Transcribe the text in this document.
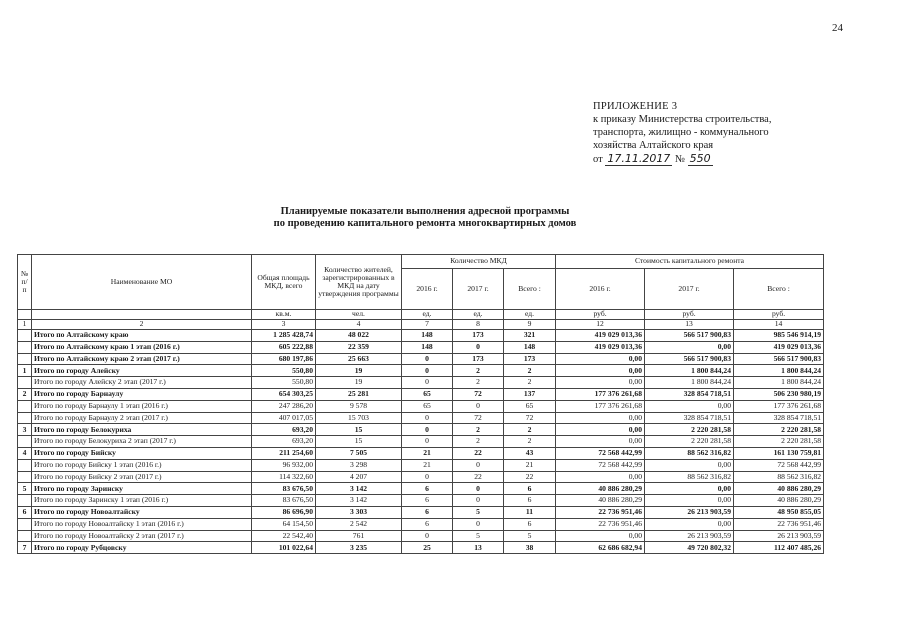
24
ПРИЛОЖЕНИЕ 3
к приказу Министерства строительства,
транспорта, жилищно - коммунального
хозяйства Алтайского края
от 17.11.2017 № 550
Планируемые показатели выполнения адресной программы
по проведению капитального ремонта многоквартирных домов
№ п/п	Наименование МО	Общая площадь МКД, всего	Количество жителей, зарегистрированных в МКД на дату утверждения программы	Количество МКД			Стоимость капитального ремонта		
				2016 г.	2017 г.	Всего :	2016 г.	2017 г.	Всего :
		кв.м.	чел.	ед.	ед.	ед.	руб.	руб.	руб.
1	2	3	4	7	8	9	12	13	14
	Итого по Алтайскому краю	1 285 428,74	48 022	148	173	321	419 029 013,36	566 517 900,83	985 546 914,19
	Итого по Алтайскому краю 1 этап (2016 г.)	605 222,88	22 359	148	0	148	419 029 013,36	0,00	419 029 013,36
	Итого по Алтайскому краю 2 этап (2017 г.)	680 197,86	25 663	0	173	173	0,00	566 517 900,83	566 517 900,83
1	Итого по городу Алейску	550,80	19	0	2	2	0,00	1 800 844,24	1 800 844,24
	Итого по городу Алейску 2 этап (2017 г.)	550,80	19	0	2	2	0,00	1 800 844,24	1 800 844,24
2	Итого по городу Барнаулу	654 303,25	25 281	65	72	137	177 376 261,68	328 854 718,51	506 230 980,19
	Итого по городу Барнаулу 1 этап (2016 г.)	247 286,20	9 578	65	0	65	177 376 261,68	0,00	177 376 261,68
	Итого по городу Барнаулу 2 этап (2017 г.)	407 017,05	15 703	0	72	72	0,00	328 854 718,51	328 854 718,51
3	Итого по городу Белокуриха	693,20	15	0	2	2	0,00	2 220 281,58	2 220 281,58
	Итого по городу Белокуриха 2 этап (2017 г.)	693,20	15	0	2	2	0,00	2 220 281,58	2 220 281,58
4	Итого по городу Бийску	211 254,60	7 505	21	22	43	72 568 442,99	88 562 316,82	161 130 759,81
	Итого по городу Бийску 1 этап (2016 г.)	96 932,00	3 298	21	0	21	72 568 442,99	0,00	72 568 442,99
	Итого по городу Бийску 2 этап (2017 г.)	114 322,60	4 207	0	22	22	0,00	88 562 316,82	88 562 316,82
5	Итого по городу Заринску	83 676,50	3 142	6	0	6	40 886 280,29	0,00	40 886 280,29
	Итого по городу Заринску 1 этап (2016 г.)	83 676,50	3 142	6	0	6	40 886 280,29	0,00	40 886 280,29
6	Итого по городу Новоалтайску	86 696,90	3 303	6	5	11	22 736 951,46	26 213 903,59	48 950 855,05
	Итого по городу Новоалтайску 1 этап (2016 г.)	64 154,50	2 542	6	0	6	22 736 951,46	0,00	22 736 951,46
	Итого по городу Новоалтайску 2 этап (2017 г.)	22 542,40	761	0	5	5	0,00	26 213 903,59	26 213 903,59
7	Итого по городу Рубцовску	101 022,64	3 235	25	13	38	62 686 682,94	49 720 802,32	112 407 485,26
